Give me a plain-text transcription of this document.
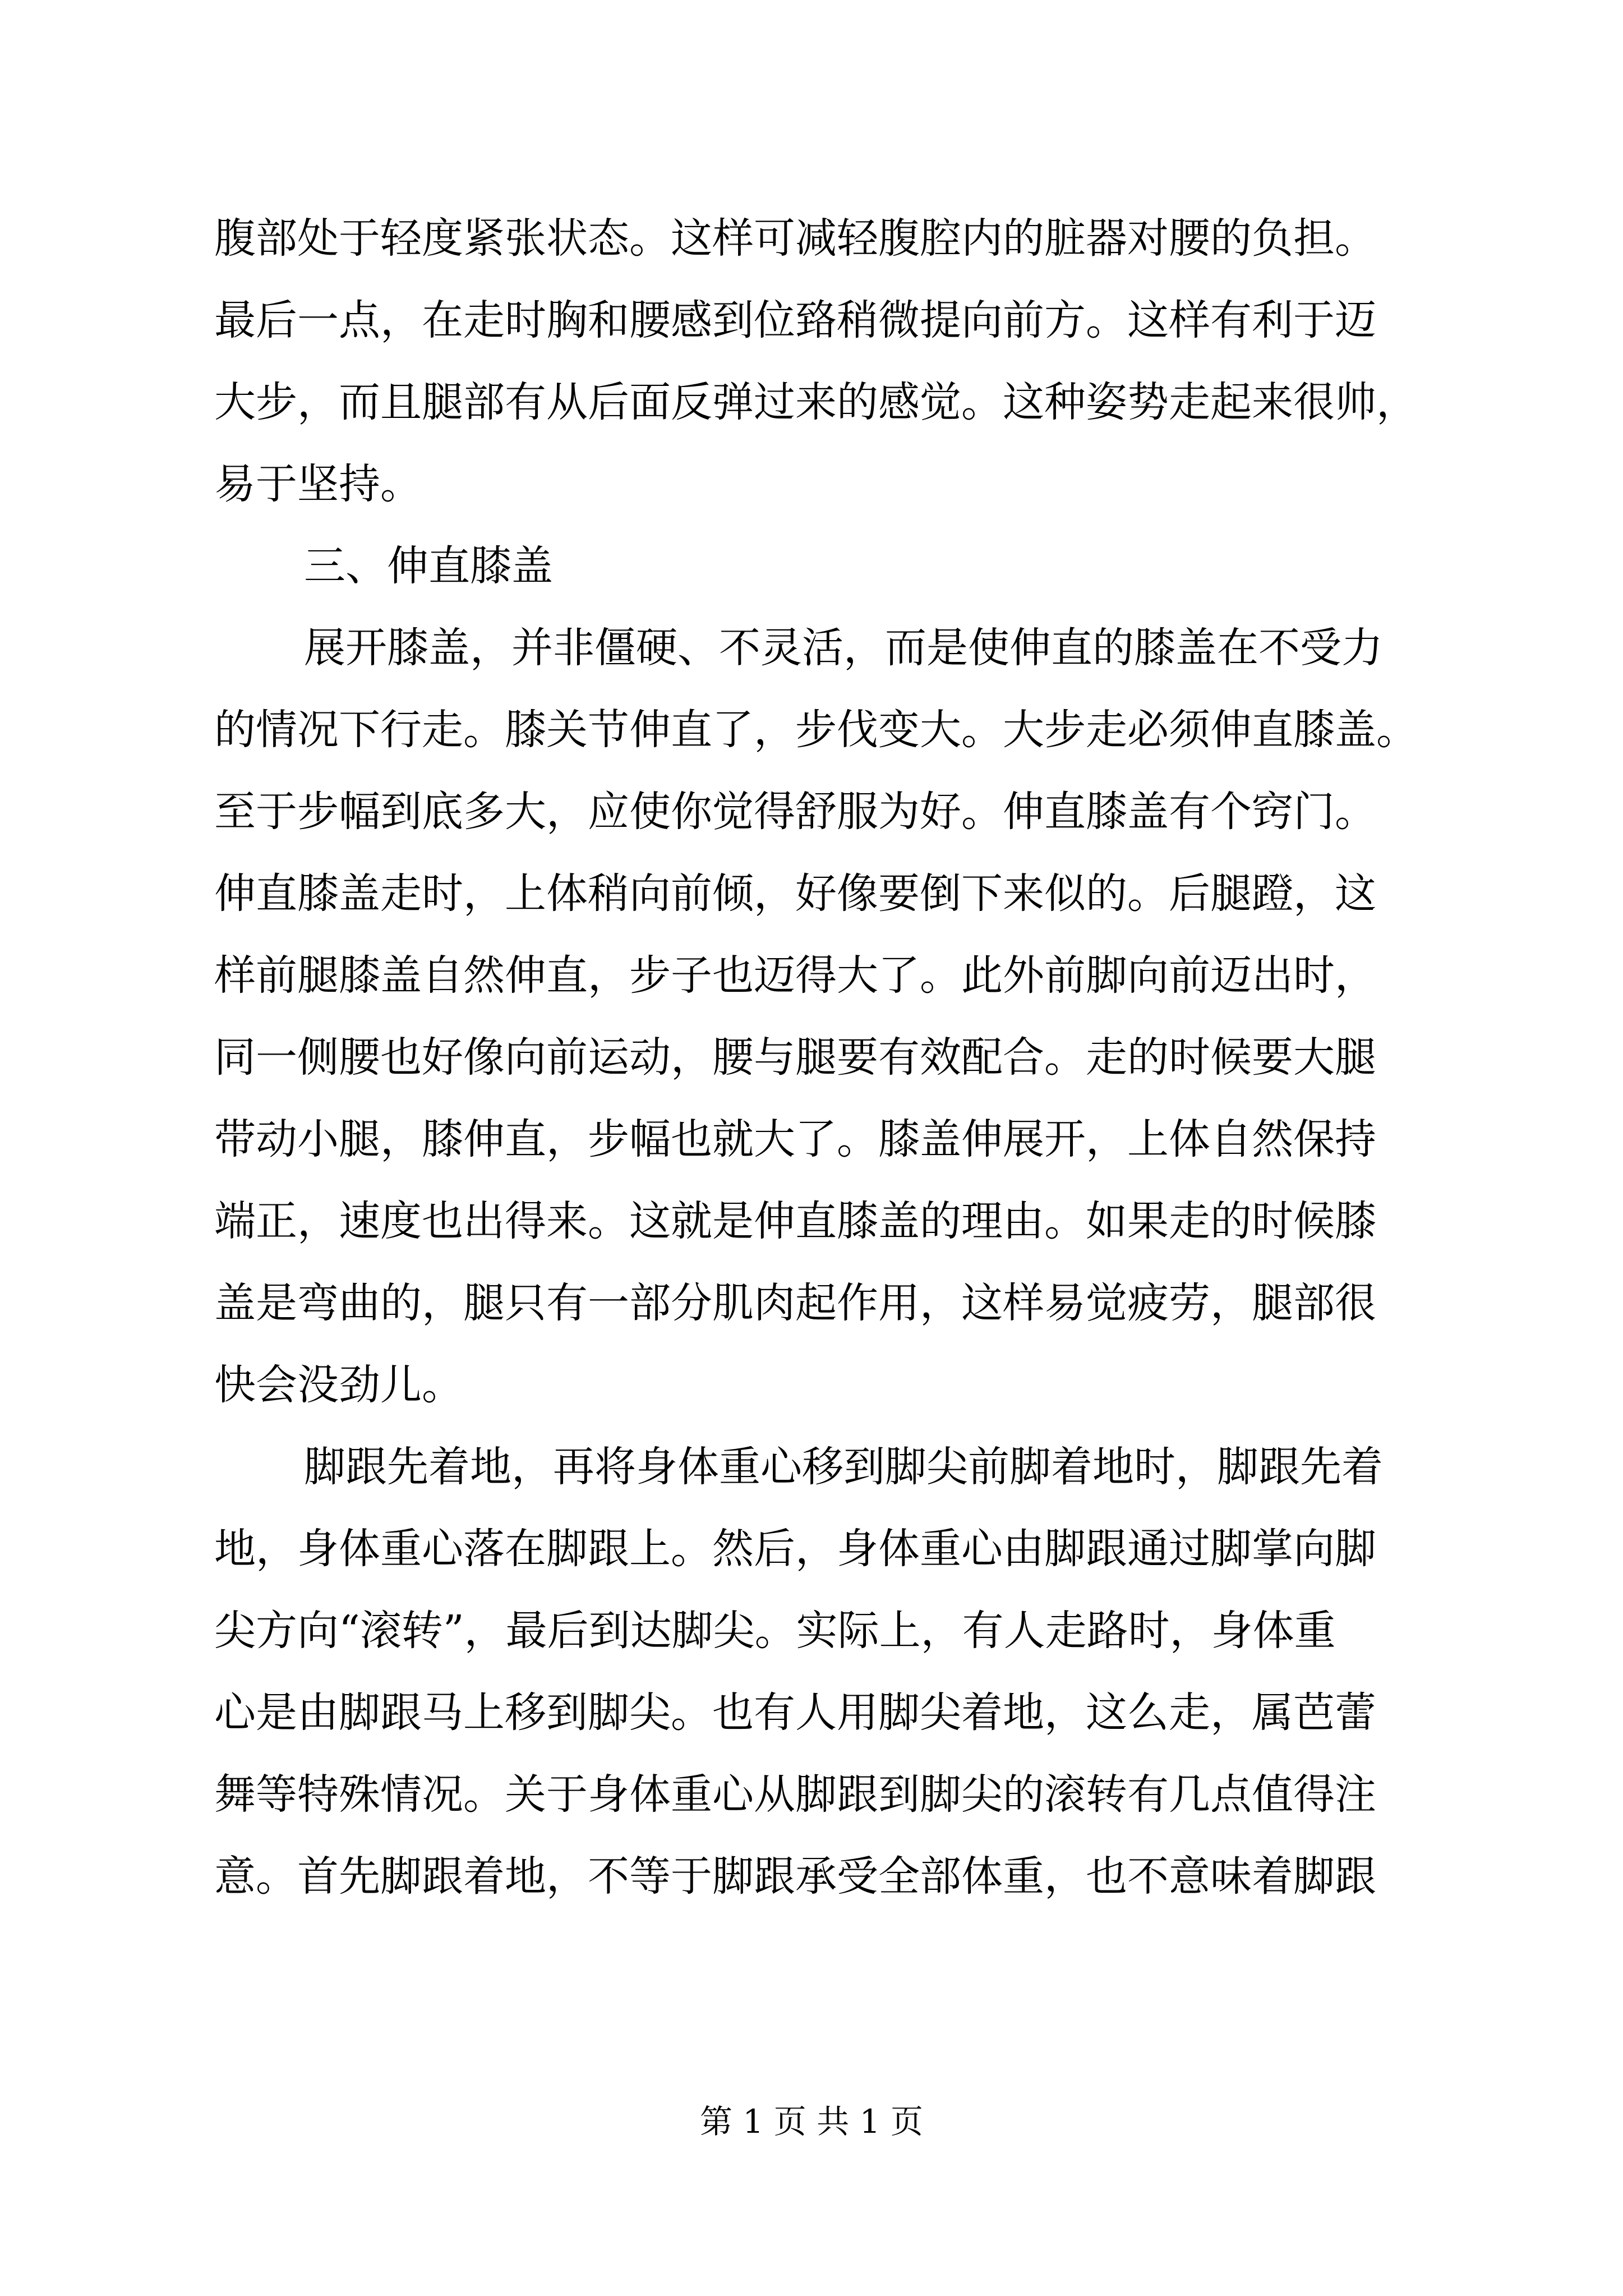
腹部处于轻度紧张状态。这样可减轻腹腔内的脏器对腰的负担。
最后一点，在走时胸和腰感到位臵稍微提向前方。这样有利于迈
大步，而且腿部有从后面反弹过来的感觉。这种姿势走起来很帅，
易于坚持。
三、伸直膝盖
展开膝盖，并非僵硬、不灵活，而是使伸直的膝盖在不受力
的情况下行走。膝关节伸直了，步伐变大。大步走必须伸直膝盖。
至于步幅到底多大，应使你觉得舒服为好。伸直膝盖有个窍门。
伸直膝盖走时，上体稍向前倾，好像要倒下来似的。后腿蹬，这
样前腿膝盖自然伸直，步子也迈得大了。此外前脚向前迈出时，
同一侧腰也好像向前运动，腰与腿要有效配合。走的时候要大腿
带动小腿，膝伸直，步幅也就大了。膝盖伸展开，上体自然保持
端正，速度也出得来。这就是伸直膝盖的理由。如果走的时候膝
盖是弯曲的，腿只有一部分肌肉起作用，这样易觉疲劳，腿部很
快会没劲儿。
脚跟先着地，再将身体重心移到脚尖前脚着地时，脚跟先着
地，身体重心落在脚跟上。然后，身体重心由脚跟通过脚掌向脚
尖方向“滚转”，最后到达脚尖。实际上，有人走路时，身体重
心是由脚跟马上移到脚尖。也有人用脚尖着地，这么走，属芭蕾
舞等特殊情况。关于身体重心从脚跟到脚尖的滚转有几点值得注
意。首先脚跟着地，不等于脚跟承受全部体重，也不意味着脚跟
第 1 页 共 1 页
